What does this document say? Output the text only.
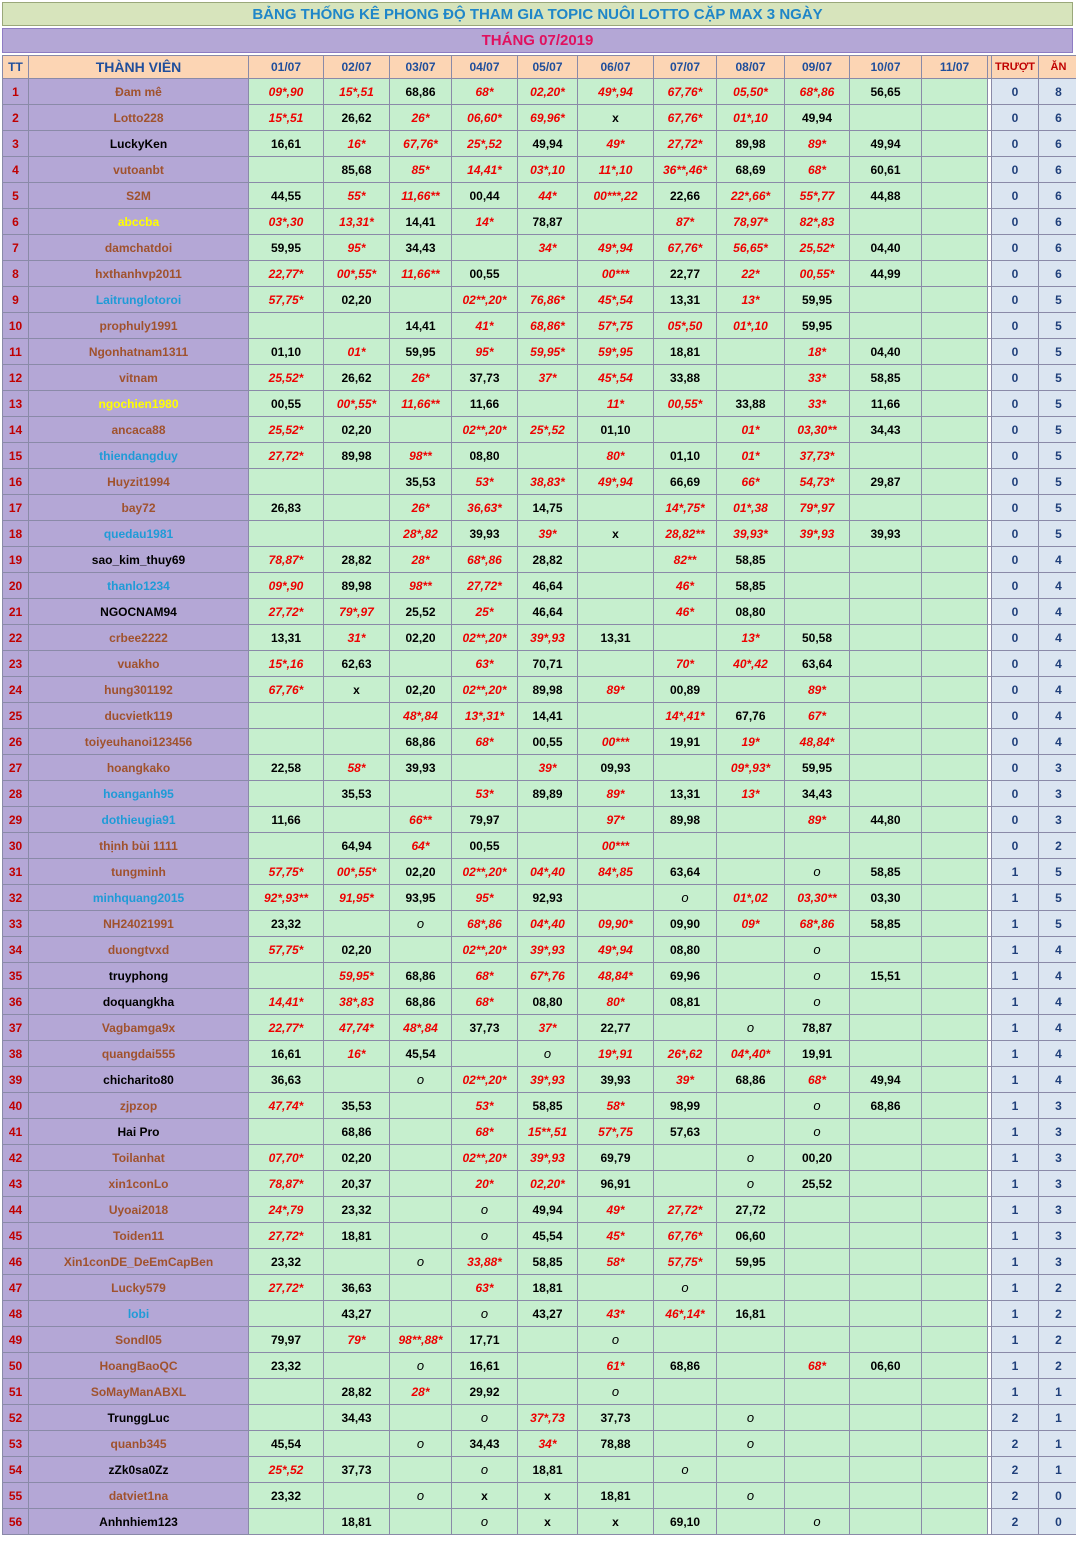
BẢNG THỐNG KÊ PHONG ĐỘ THAM GIA TOPIC NUÔI LOTTO CẶP MAX 3 NGÀY
THÁNG 07/2019
TT	THÀNH VIÊN	01/07	02/07	03/07	04/07	05/07	06/07	07/07	08/07	09/07	10/07	11/07		TRƯỢT	ĂN
1	Đam mê	09*,90	15*,51	68,86	68*	02,20*	49*,94	67,76*	05,50*	68*,86	56,65			0	8
2	Lotto228	15*,51	26,62	26*	06,60*	69,96*	x	67,76*	01*,10	49,94				0	6
3	LuckyKen	16,61	16*	67,76*	25*,52	49,94	49*	27,72*	89,98	89*	49,94			0	6
4	vutoanbt		85,68	85*	14,41*	03*,10	11*,10	36**,46*	68,69	68*	60,61			0	6
5	S2M	44,55	55*	11,66**	00,44	44*	00***,22	22,66	22*,66*	55*,77	44,88			0	6
6	abccba	03*,30	13,31*	14,41	14*	78,87		87*	78,97*	82*,83				0	6
7	damchatdoi	59,95	95*	34,43		34*	49*,94	67,76*	56,65*	25,52*	04,40			0	6
8	hxthanhvp2011	22,77*	00*,55*	11,66**	00,55		00***	22,77	22*	00,55*	44,99			0	6
9	Laitrunglotoroi	57,75*	02,20		02**,20*	76,86*	45*,54	13,31	13*	59,95				0	5
10	prophuly1991			14,41	41*	68,86*	57*,75	05*,50	01*,10	59,95				0	5
11	Ngonhatnam1311	01,10	01*	59,95	95*	59,95*	59*,95	18,81		18*	04,40			0	5
12	vitnam	25,52*	26,62	26*	37,73	37*	45*,54	33,88		33*	58,85			0	5
13	ngochien1980	00,55	00*,55*	11,66**	11,66		11*	00,55*	33,88	33*	11,66			0	5
14	ancaca88	25,52*	02,20		02**,20*	25*,52	01,10		01*	03,30**	34,43			0	5
15	thiendangduy	27,72*	89,98	98**	08,80		80*	01,10	01*	37,73*				0	5
16	Huyzit1994			35,53	53*	38,83*	49*,94	66,69	66*	54,73*	29,87			0	5
17	bay72	26,83		26*	36,63*	14,75		14*,75*	01*,38	79*,97				0	5
18	quedau1981			28*,82	39,93	39*	x	28,82**	39,93*	39*,93	39,93			0	5
19	sao_kim_thuy69	78,87*	28,82	28*	68*,86	28,82		82**	58,85					0	4
20	thanlo1234	09*,90	89,98	98**	27,72*	46,64		46*	58,85					0	4
21	NGOCNAM94	27,72*	79*,97	25,52	25*	46,64		46*	08,80					0	4
22	crbee2222	13,31	31*	02,20	02**,20*	39*,93	13,31		13*	50,58				0	4
23	vuakho	15*,16	62,63		63*	70,71		70*	40*,42	63,64				0	4
24	hung301192	67,76*	x	02,20	02**,20*	89,98	89*	00,89		89*				0	4
25	ducvietk119			48*,84	13*,31*	14,41		14*,41*	67,76	67*				0	4
26	toiyeuhanoi123456			68,86	68*	00,55	00***	19,91	19*	48,84*				0	4
27	hoangkako	22,58	58*	39,93		39*	09,93		09*,93*	59,95				0	3
28	hoanganh95		35,53		53*	89,89	89*	13,31	13*	34,43				0	3
29	dothieugia91	11,66		66**	79,97		97*	89,98		89*	44,80			0	3
30	thịnh bùi 1111		64,94	64*	00,55		00***							0	2
31	tungminh	57,75*	00*,55*	02,20	02**,20*	04*,40	84*,85	63,64		o	58,85			1	5
32	minhquang2015	92*,93**	91,95*	93,95	95*	92,93		o	01*,02	03,30**	03,30			1	5
33	NH24021991	23,32		o	68*,86	04*,40	09,90*	09,90	09*	68*,86	58,85			1	5
34	duongtvxd	57,75*	02,20		02**,20*	39*,93	49*,94	08,80		o				1	4
35	truyphong		59,95*	68,86	68*	67*,76	48,84*	69,96		o	15,51			1	4
36	doquangkha	14,41*	38*,83	68,86	68*	08,80	80*	08,81		o				1	4
37	Vagbamga9x	22,77*	47,74*	48*,84	37,73	37*	22,77		o	78,87				1	4
38	quangdai555	16,61	16*	45,54		o	19*,91	26*,62	04*,40*	19,91				1	4
39	chicharito80	36,63		o	02**,20*	39*,93	39,93	39*	68,86	68*	49,94			1	4
40	zjpzop	47,74*	35,53		53*	58,85	58*	98,99		o	68,86			1	3
41	Hai Pro		68,86		68*	15**,51	57*,75	57,63		o				1	3
42	Toilanhat	07,70*	02,20		02**,20*	39*,93	69,79		o	00,20				1	3
43	xin1conLo	78,87*	20,37		20*	02,20*	96,91		o	25,52				1	3
44	Uyoai2018	24*,79	23,32		o	49,94	49*	27,72*	27,72					1	3
45	Toiden11	27,72*	18,81		o	45,54	45*	67,76*	06,60					1	3
46	Xin1conDE_DeEmCapBen	23,32		o	33,88*	58,85	58*	57,75*	59,95					1	3
47	Lucky579	27,72*	36,63		63*	18,81		o						1	2
48	lobi		43,27		o	43,27	43*	46*,14*	16,81					1	2
49	Sondl05	79,97	79*	98**,88*	17,71		o							1	2
50	HoangBaoQC	23,32		o	16,61		61*	68,86		68*	06,60			1	2
51	SoMayManABXL		28,82	28*	29,92		o							1	1
52	TrunggLuc		34,43		o	37*,73	37,73		o					2	1
53	quanb345	45,54		o	34,43	34*	78,88		o					2	1
54	zZk0sa0Zz	25*,52	37,73		o	18,81		o						2	1
55	datviet1na	23,32		o	x	x	18,81		o					2	0
56	Anhnhiem123		18,81		o	x	x	69,10		o				2	0
